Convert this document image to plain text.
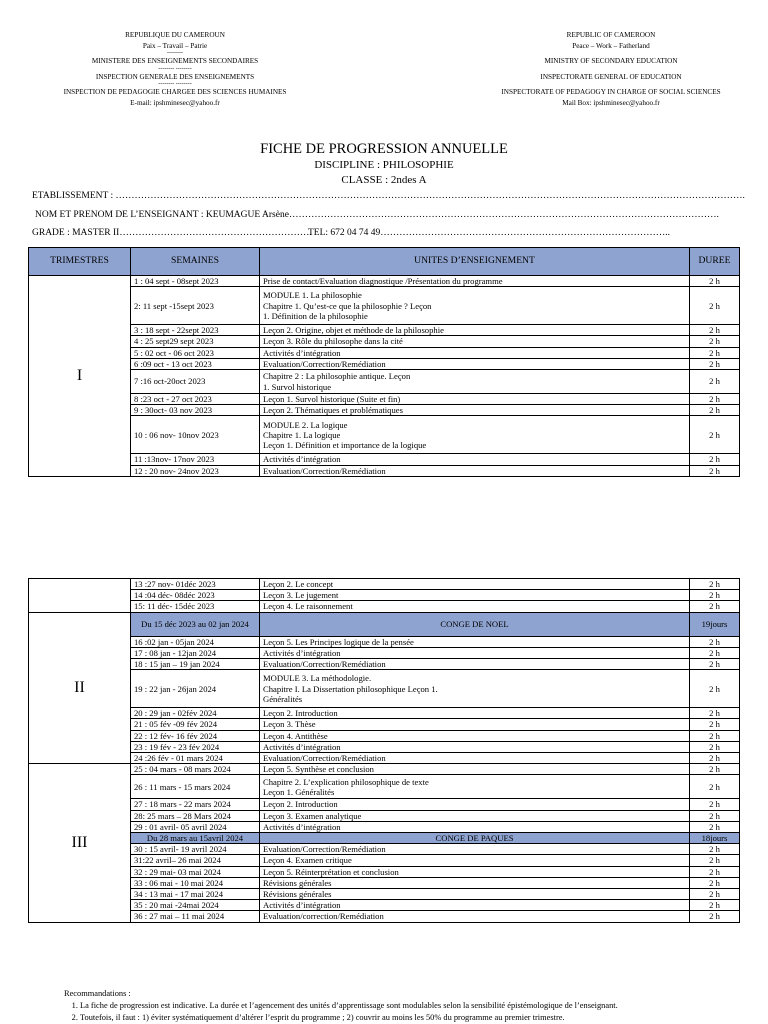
REPUBLIQUE DU CAMEROUN
Paix – Travail – Patrie
--------
MINISTERE DES ENSEIGNEMENTS SECONDAIRES
-------- --------
INSPECTION GENERALE DES ENSEIGNEMENTS
-------- --------
INSPECTION DE PEDAGOGIE CHARGEE DES SCIENCES HUMAINES
E-mail: ipshminesec@yahoo.fr
REPUBLIC OF CAMEROON
Peace – Work – Fatherland

MINISTRY OF SECONDARY EDUCATION

INSPECTORATE GENERAL OF EDUCATION

INSPECTORATE OF PEDAGOGY IN CHARGE OF SOCIAL SCIENCES
Mail Box: ipshminesec@yahoo.fr
FICHE DE PROGRESSION ANNUELLE
DISCIPLINE : PHILOSOPHIE
CLASSE : 2ndes A
ETABLISSEMENT : ……………………………………………………………………………………………………………………………………………………………………………….
NOM ET PRENOM DE L’ENSEIGNANT : KEUMAGUE Arsène……………………………………………………………………………………………………………………….
GRADE : MASTER II…………………………………………………….
TEL: 672 04 74 49………………………………………………………………………………..
TRIMESTRES	SEMAINES	UNITES D’ENSEIGNEMENT	DUREE
I	1 : 04 sept - 08sept 2023	Prise de contact/Evaluation diagnostique /Présentation du programme	2 h
	2: 11 sept -15sept 2023	MODULE 1. La philosophie
Chapitre 1. Qu’est-ce que la philosophie ? Leçon
1. Définition de la philosophie	2 h
	3 : 18 sept - 22sept 2023	Leçon 2. Origine, objet et méthode de la philosophie	2 h
	4 : 25 sept29 sept 2023	Leçon 3. Rôle du philosophe dans la cité	2 h
	5 : 02 oct - 06 oct 2023	Activités d’intégration	2 h
	6 :09 oct - 13 oct 2023	Evaluation/Correction/Remédiation	2 h
	7 :16 oct-20oct 2023	Chapitre 2 : La philosophie antique. Leçon
1. Survol historique	2 h
	8 :23 oct - 27 oct 2023	Leçon 1. Survol historique (Suite et fin)	2 h
	9 : 30oct- 03 nov 2023	Leçon 2. Thématiques et problématiques	2 h
	10 : 06 nov- 10nov 2023	MODULE 2. La logique
Chapitre 1. La logique
Leçon 1. Définition et importance de la logique	2 h
	11 :13nov- 17nov 2023	Activités d’intégration	2 h
	12 : 20 nov- 24nov 2023	Evaluation/Correction/Remédiation	2 h
	13 :27 nov- 01déc 2023	Leçon 2. Le concept	2 h
	14 :04 déc- 08déc 2023	Leçon 3. Le jugement	2 h
	15: 11 déc- 15déc 2023	Leçon 4. Le raisonnement	2 h
II	Du 15 déc 2023 au 02 jan 2024	CONGE DE NOEL	19jours
	16 :02 jan - 05jan 2024	Leçon 5. Les Principes logique de la pensée	2 h
	17 : 08 jan - 12jan 2024	Activités d’intégration	2 h
	18 : 15 jan – 19 jan 2024	Evaluation/Correction/Remédiation	2 h
	19 : 22 jan - 26jan 2024	MODULE 3. La méthodologie.
Chapitre I. La Dissertation philosophique Leçon 1.
Généralités	2 h
	20 : 29 jan - 02fév 2024	Leçon 2. Introduction	2 h
	21 : 05 fév -09 fév 2024	Leçon 3. Thèse	2 h
	22 : 12 fév- 16 fév 2024	Leçon 4. Antithèse	2 h
	23 : 19 fév - 23 fév 2024	Activités d’intégration	2 h
	24 :26 fév - 01 mars 2024	Evaluation/Correction/Remédiation	2 h
III	25 : 04 mars - 08 mars 2024	Leçon 5. Synthèse et conclusion	2 h
	26 : 11 mars - 15 mars 2024	Chapitre 2. L’explication philosophique de texte
Leçon 1. Généralités	2 h
	27 : 18 mars - 22 mars 2024	Leçon 2. Introduction	2 h
	28: 25 mars – 28 Mars 2024	Leçon 3. Examen analytique	2 h
	29 : 01 avril- 05 avril 2024	Activités d’intégration	2 h
	Du 28 mars au 15avril 2024	CONGE DE PAQUES	18jours
	30 : 15 avril- 19 avril 2024	Evaluation/Correction/Remédiation	2 h
	31:22 avril– 26 mai 2024	Leçon 4. Examen critique	2 h
	32 : 29 mai- 03 mai 2024	Leçon 5. Réinterprétation et conclusion	2 h
	33 : 06 mai - 10 mai 2024	Révisions générales	2 h
	34 : 13 mai - 17 mai 2024	Révisions générales	2 h
	35 : 20 mai -24mai 2024	Activités d’intégration	2 h
	36 : 27 mai – 11 mai 2024	Evaluation/correction/Remédiation	2 h
Recommandations :
1. La fiche de progression est indicative. La durée et l’agencement des unités d’apprentissage sont modulables selon la sensibilité épistémologique de l’enseignant.
2. Toutefois, il faut : 1) éviter systématiquement d’altérer l’esprit du programme ; 2) couvrir au moins les 50% du programme au premier trimestre.
